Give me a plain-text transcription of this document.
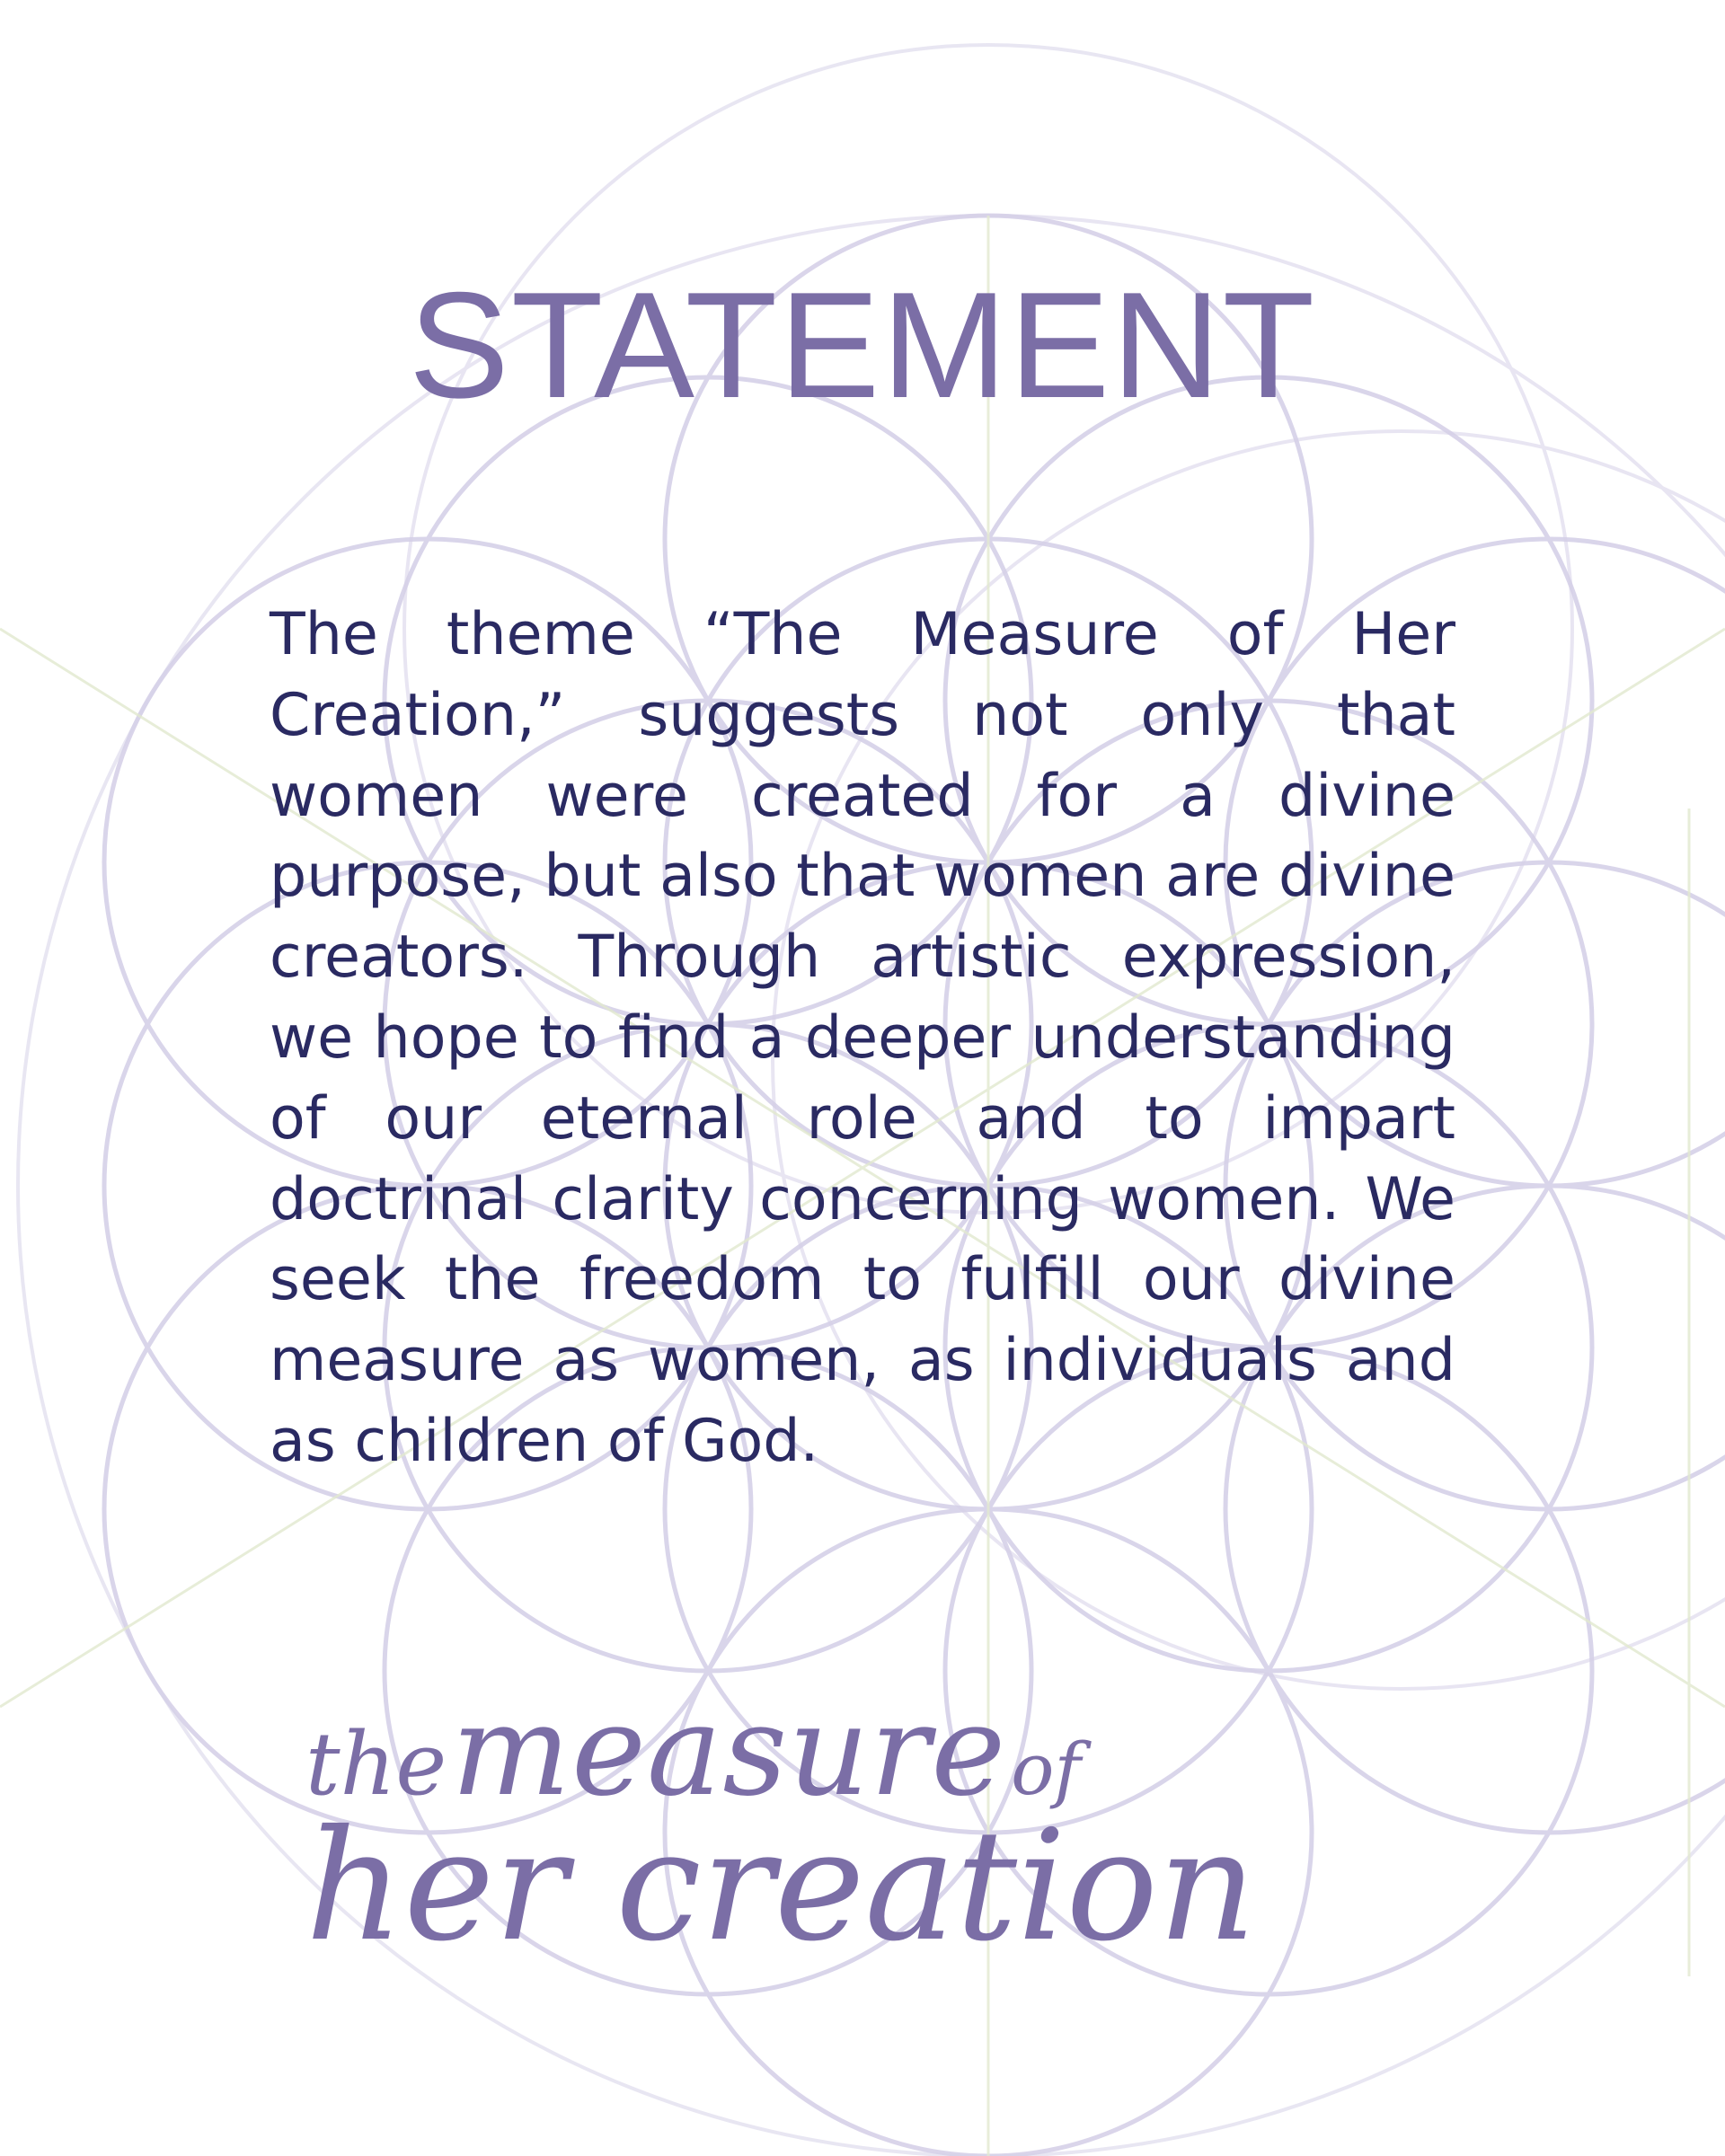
STATEMENT

The theme “The Measure of Her Creation,” suggests not only that women were created for a divine purpose, but also that women are divine creators. Through artistic expression, we hope to find a deeper understanding of our eternal role and to impart doctrinal clarity concerning women. We seek the freedom to fulfill our divine measure as women, as individuals and as children of God.

the measure of
her creation
